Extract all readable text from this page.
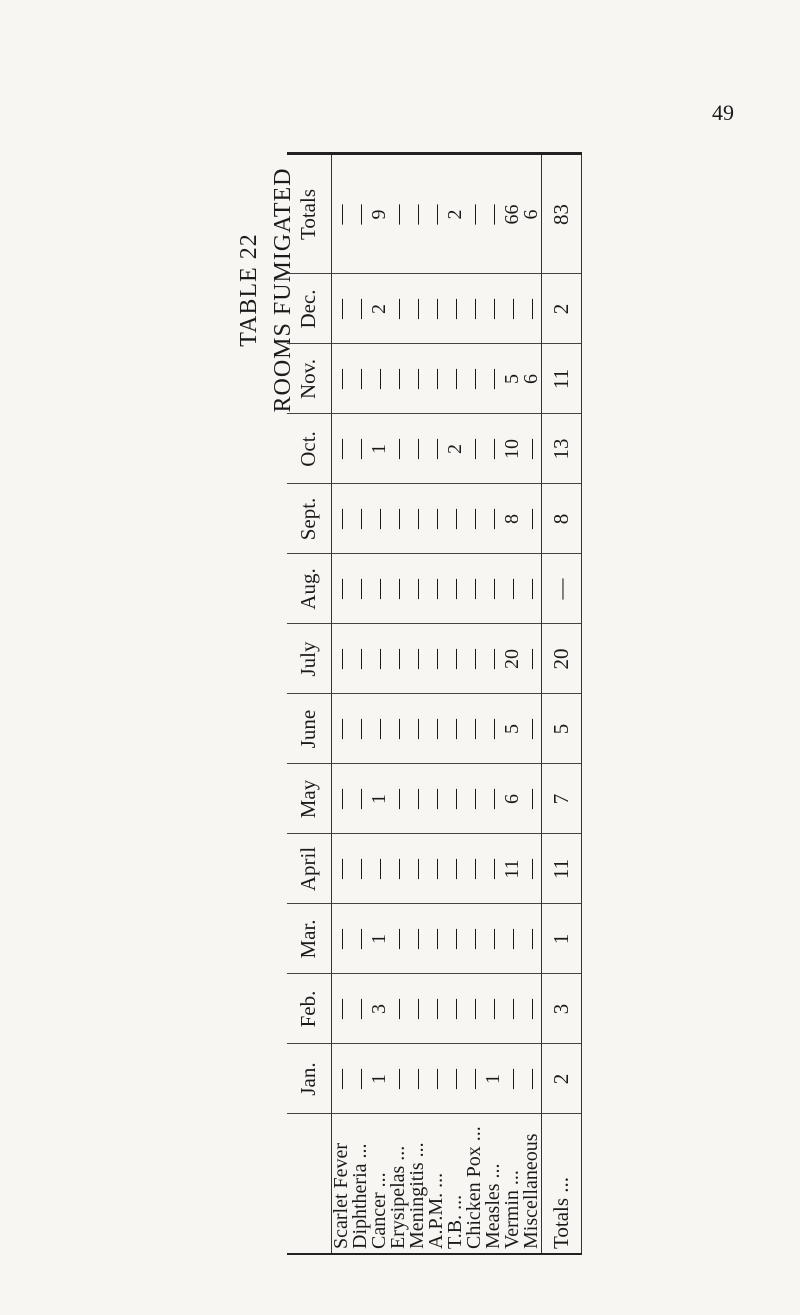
49
TABLE 22 ROOMS FUMIGATED
	Jan.	Feb.	Mar.	April	May	June	July	Aug.	Sept.	Oct.	Nov.	Dec.	Totals
Scarlet Fever	—	—	—	—	—	—	—	—	—	—	—	—	—
Diphtheria ...	—	—	—	—	—	—	—	—	—	—	—	—	—
Cancer ...	1	3	1	—	1	—	—	—	—	1	—	2	9
Erysipelas ...	—	—	—	—	—	—	—	—	—	—	—	—	—
Meningitis ...	—	—	—	—	—	—	—	—	—	—	—	—	—
A.P.M. ...	—	—	—	—	—	—	—	—	—	—	—	—	—
T.B. ...	—	—	—	—	—	—	—	—	—	2	—	—	2
Chicken Pox ...	—	—	—	—	—	—	—	—	—	—	—	—	—
Measles ...	1	—	—	—	—	—	—	—	—	—	—	—	—
Vermin ...	—	—	—	11	6	5	20	—	8	10	5	—	66
Miscellaneous	—	—	—	—	—	—	—	—	—	—	6	—	6
Totals ...	2	3	1	11	7	5	20	—	8	13	11	2	83
